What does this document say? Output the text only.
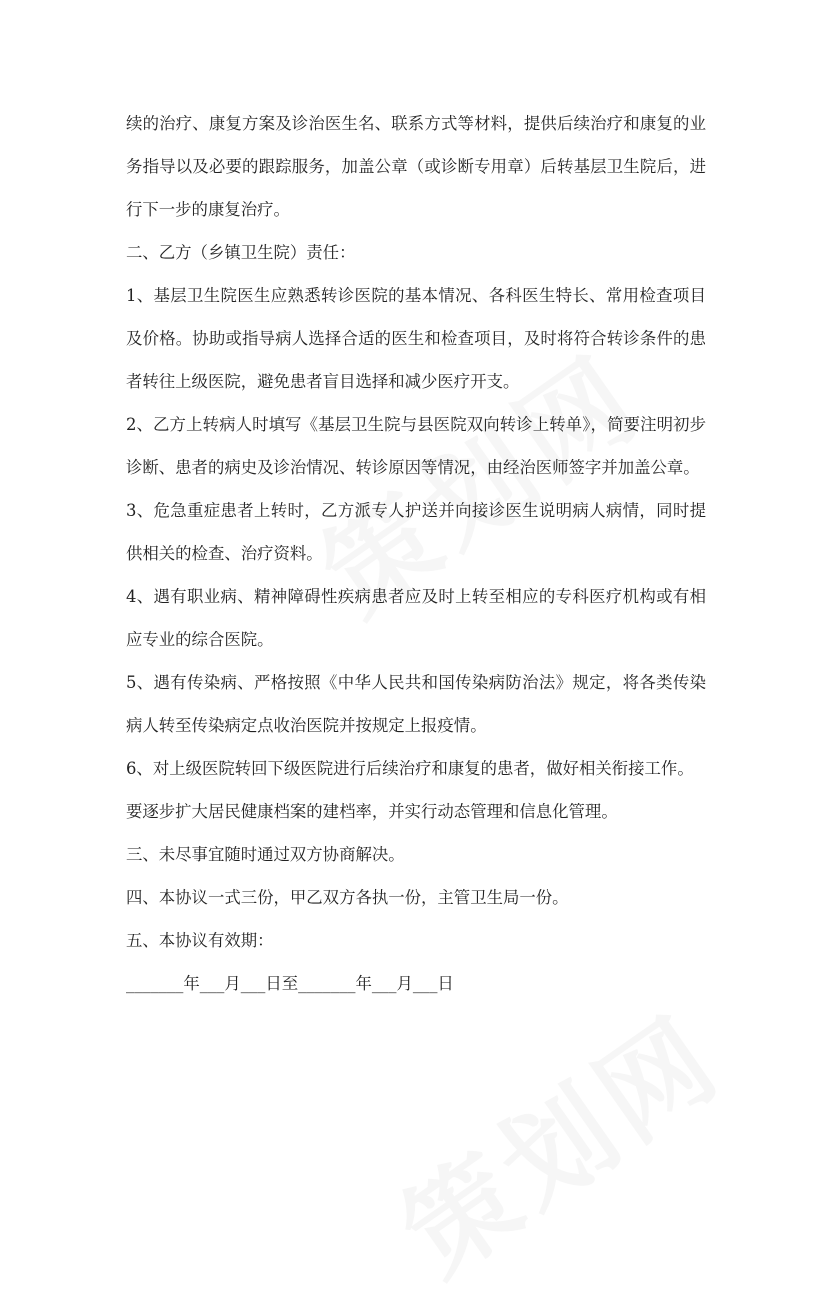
续的治疗、康复方案及诊治医生名、联系方式等材料，提供后续治疗和康复的业务指导以及必要的跟踪服务，加盖公章（或诊断专用章）后转基层卫生院后，进行下一步的康复治疗。

二、乙方（乡镇卫生院）责任：

1、基层卫生院医生应熟悉转诊医院的基本情况、各科医生特长、常用检查项目及价格。协助或指导病人选择合适的医生和检查项目，及时将符合转诊条件的患者转往上级医院，避免患者盲目选择和减少医疗开支。

2、乙方上转病人时填写《基层卫生院与县医院双向转诊上转单》，简要注明初步诊断、患者的病史及诊治情况、转诊原因等情况，由经治医师签字并加盖公章。

3、危急重症患者上转时，乙方派专人护送并向接诊医生说明病人病情，同时提供相关的检查、治疗资料。

4、遇有职业病、精神障碍性疾病患者应及时上转至相应的专科医疗机构或有相应专业的综合医院。

5、遇有传染病、严格按照《中华人民共和国传染病防治法》规定，将各类传染病人转至传染病定点收治医院并按规定上报疫情。

6、对上级医院转回下级医院进行后续治疗和康复的患者，做好相关衔接工作。

要逐步扩大居民健康档案的建档率，并实行动态管理和信息化管理。

三、未尽事宜随时通过双方协商解决。

四、本协议一式三份，甲乙双方各执一份，主管卫生局一份。

五、本协议有效期：

_______年___月___日至_______年___月___日
